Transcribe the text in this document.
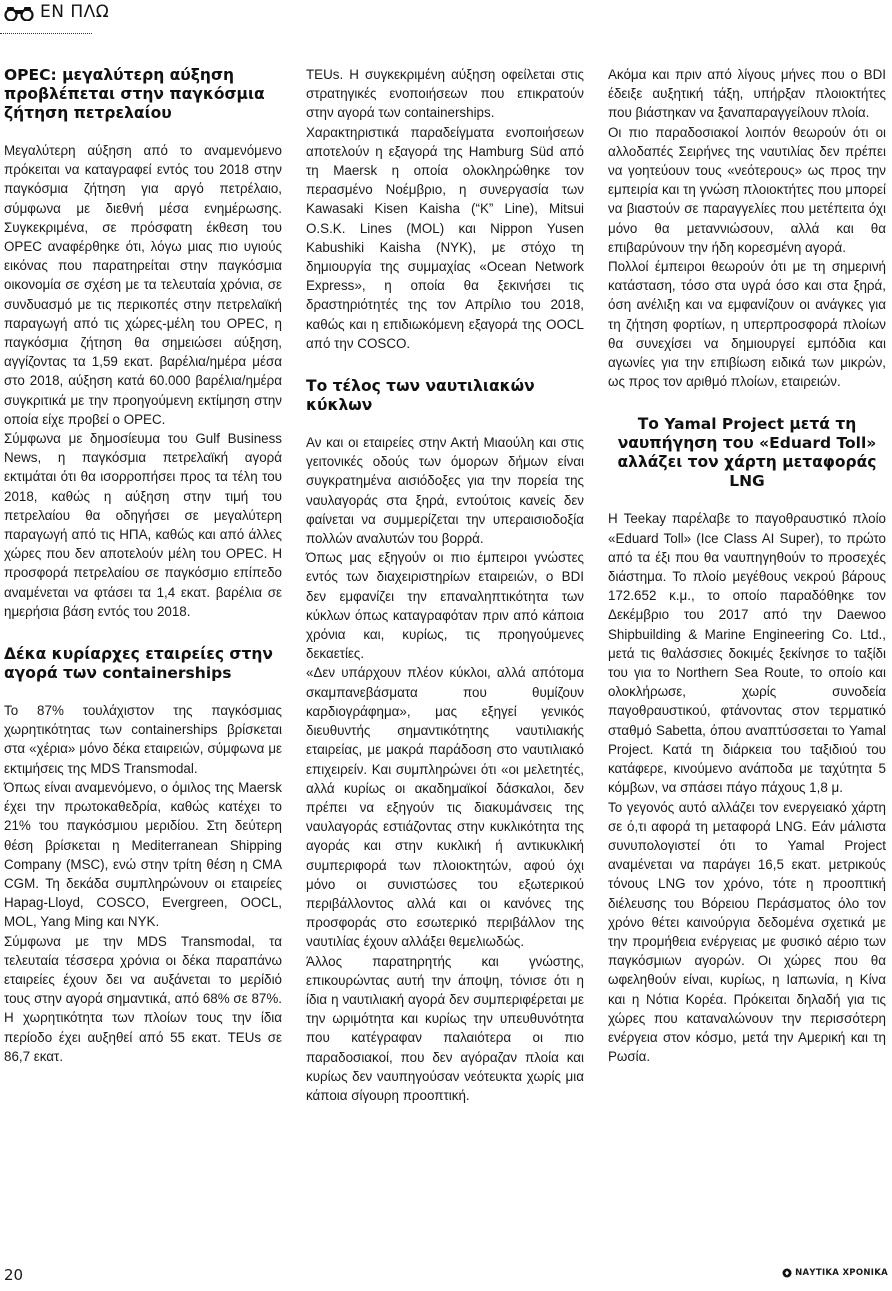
ΕΝ ΠΛΩ
OPEC: μεγαλύτερη αύξηση προβλέπεται στην παγκόσμια ζήτηση πετρελαίου

Μεγαλύτερη αύξηση από το αναμενόμενο πρόκειται να καταγραφεί εντός του 2018 στην παγκόσμια ζήτηση για αργό πετρέλαιο, σύμφωνα με διεθνή μέσα ενημέρωσης. Συγκεκριμένα, σε πρόσφατη έκθεση του OPEC αναφέρθηκε ότι, λόγω μιας πιο υγιούς εικόνας που παρατηρείται στην παγκόσμια οικονομία σε σχέση με τα τελευταία χρόνια, σε συνδυασμό με τις περικοπές στην πετρελαϊκή παραγωγή από τις χώρες-μέλη του OPEC, η παγκόσμια ζήτηση θα σημειώσει αύξηση, αγγίζοντας τα 1,59 εκατ. βαρέλια/ημέρα μέσα στο 2018, αύξηση κατά 60.000 βαρέλια/ημέρα συγκριτικά με την προηγούμενη εκτίμηση στην οποία είχε προβεί ο OPEC.

Σύμφωνα με δημοσίευμα του Gulf Business News, η παγκόσμια πετρελαϊκή αγορά εκτιμάται ότι θα ισορροπήσει προς τα τέλη του 2018, καθώς η αύξηση στην τιμή του πετρελαίου θα οδηγήσει σε μεγαλύτερη παραγωγή από τις ΗΠΑ, καθώς και από άλλες χώρες που δεν αποτελούν μέλη του OPEC. Η προσφορά πετρελαίου σε παγκόσμιο επίπεδο αναμένεται να φτάσει τα 1,4 εκατ. βαρέλια σε ημερήσια βάση εντός του 2018.

Δέκα κυρίαρχες εταιρείες στην αγορά των containerships

Το 87% τουλάχιστον της παγκόσμιας χωρητικότητας των containerships βρίσκεται στα «χέρια» μόνο δέκα εταιρειών, σύμφωνα με εκτιμήσεις της MDS Transmodal.

Όπως είναι αναμενόμενο, ο όμιλος της Maersk έχει την πρωτοκαθεδρία, καθώς κατέχει το 21% του παγκόσμιου μεριδίου. Στη δεύτερη θέση βρίσκεται η Mediterranean Shipping Company (MSC), ενώ στην τρίτη θέση η CMA CGM. Τη δεκάδα συμπληρώνουν οι εταιρείες Hapag-Lloyd, COSCO, Evergreen, OOCL, MOL, Yang Ming και NYK.

Σύμφωνα με την MDS Transmodal, τα τελευταία τέσσερα χρόνια οι δέκα παραπάνω εταιρείες έχουν δει να αυξάνεται το μερίδιό τους στην αγορά σημαντικά, από 68% σε 87%. Η χωρητικότητα των πλοίων τους την ίδια περίοδο έχει αυξηθεί από 55 εκατ. TEUs σε 86,7 εκατ.

TEUs. Η συγκεκριμένη αύξηση οφείλεται στις στρατηγικές ενοποιήσεων που επικρατούν στην αγορά των containerships.

Χαρακτηριστικά παραδείγματα ενοποιήσεων αποτελούν η εξαγορά της Hamburg Süd από τη Maersk η οποία ολοκληρώθηκε τον περασμένο Νοέμβριο, η συνεργασία των Kawasaki Kisen Kaisha (“K” Line), Mitsui O.S.K. Lines (MOL) και Nippon Yusen Kabushiki Kaisha (NYK), με στόχο τη δημιουργία της συμμαχίας «Ocean Network Express», η οποία θα ξεκινήσει τις δραστηριότητές της τον Απρίλιο του 2018, καθώς και η επιδιωκόμενη εξαγορά της OOCL από την COSCO.

Το τέλος των ναυτιλιακών κύκλων

Αν και οι εταιρείες στην Ακτή Μιαούλη και στις γειτονικές οδούς των όμορων δήμων είναι συγκρατημένα αισιόδοξες για την πορεία της ναυλαγοράς στα ξηρά, εντούτοις κανείς δεν φαίνεται να συμμερίζεται την υπεραισιοδοξία πολλών αναλυτών του βορρά.

Όπως μας εξηγούν οι πιο έμπειροι γνώστες εντός των διαχειριστηρίων εταιρειών, ο BDI δεν εμφανίζει την επαναληπτικότητα των κύκλων όπως καταγραφόταν πριν από κάποια χρόνια και, κυρίως, τις προηγούμενες δεκαετίες.

«Δεν υπάρχουν πλέον κύκλοι, αλλά απότομα σκαμπανεβάσματα που θυμίζουν καρδιογράφημα», μας εξηγεί γενικός διευθυντής σημαντικότητης ναυτιλιακής εταιρείας, με μακρά παράδοση στο ναυτιλιακό επιχειρείν. Και συμπληρώνει ότι «οι μελετητές, αλλά κυρίως οι ακαδημαϊκοί δάσκαλοι, δεν πρέπει να εξηγούν τις διακυμάνσεις της ναυλαγοράς εστιάζοντας στην κυκλικότητα της αγοράς και στην κυκλική ή αντικυκλική συμπεριφορά των πλοιοκτητών, αφού όχι μόνο οι συνιστώσες του εξωτερικού περιβάλλοντος αλλά και οι κανόνες της προσφοράς στο εσωτερικό περιβάλλον της ναυτιλίας έχουν αλλάξει θεμελιωδώς.

Άλλος παρατηρητής και γνώστης, επικουρώντας αυτή την άποψη, τόνισε ότι η ίδια η ναυτιλιακή αγορά δεν συμπεριφέρεται με την ωριμότητα και κυρίως την υπευθυνότητα που κατέγραφαν παλαιότερα οι πιο παραδοσιακοί, που δεν αγόραζαν πλοία και κυρίως δεν ναυπηγούσαν νεότευκτα χωρίς μια κάποια σίγουρη προοπτική.

Ακόμα και πριν από λίγους μήνες που ο BDI έδειξε αυξητική τάξη, υπήρξαν πλοιοκτήτες που βιάστηκαν να ξαναπαραγγείλουν πλοία.

Οι πιο παραδοσιακοί λοιπόν θεωρούν ότι οι αλλοδαπές Σειρήνες της ναυτιλίας δεν πρέπει να γοητεύουν τους «νεότερους» ως προς την εμπειρία και τη γνώση πλοιοκτήτες που μπορεί να βιαστούν σε παραγγελίες που μετέπειτα όχι μόνο θα μεταννιώσουν, αλλά και θα επιβαρύνουν την ήδη κορεσμένη αγορά.

Πολλοί έμπειροι θεωρούν ότι με τη σημερινή κατάσταση, τόσο στα υγρά όσο και στα ξηρά, όση ανέλιξη και να εμφανίζουν οι ανάγκες για τη ζήτηση φορτίων, η υπερπροσφορά πλοίων θα συνεχίσει να δημιουργεί εμπόδια και αγωνίες για την επιβίωση ειδικά των μικρών, ως προς τον αριθμό πλοίων, εταιρειών.

Το Yamal Project μετά τη ναυπήγηση του «Eduard Toll» αλλάζει τον χάρτη μεταφοράς LNG

Η Teekay παρέλαβε το παγοθραυστικό πλοίο «Eduard Toll» (Ice Class AI Super), το πρώτο από τα έξι που θα ναυπηγηθούν το προσεχές διάστημα. Το πλοίο μεγέθους νεκρού βάρους 172.652 κ.μ., το οποίο παραδόθηκε τον Δεκέμβριο του 2017 από την Daewoo Shipbuilding & Marine Engineering Co. Ltd., μετά τις θαλάσσιες δοκιμές ξεκίνησε το ταξίδι του για το Northern Sea Route, το οποίο και ολοκλήρωσε, χωρίς συνοδεία παγοθραυστικού, φτάνοντας στον τερματικό σταθμό Sabetta, όπου αναπτύσσεται το Yamal Project. Κατά τη διάρκεια του ταξιδιού του κατάφερε, κινούμενο ανάποδα με ταχύτητα 5 κόμβων, να σπάσει πάγο πάχους 1,8 μ.

Το γεγονός αυτό αλλάζει τον ενεργειακό χάρτη σε ό,τι αφορά τη μεταφορά LNG. Εάν μάλιστα συνυπολογιστεί ότι το Yamal Project αναμένεται να παράγει 16,5 εκατ. μετρικούς τόνους LNG τον χρόνο, τότε η προοπτική διέλευσης του Βόρειου Περάσματος όλο τον χρόνο θέτει καινούργια δεδομένα σχετικά με την προμήθεια ενέργειας με φυσικό αέριο των παγκόσμιων αγορών. Οι χώρες που θα ωφεληθούν είναι, κυρίως, η Ιαπωνία, η Κίνα και η Νότια Κορέα. Πρόκειται δηλαδή για τις χώρες που καταναλώνουν την περισσότερη ενέργεια στον κόσμο, μετά την Αμερική και τη Ρωσία.

20	ΝΑΥΤΙΚΑ ΧΡΟΝΙΚΑ
